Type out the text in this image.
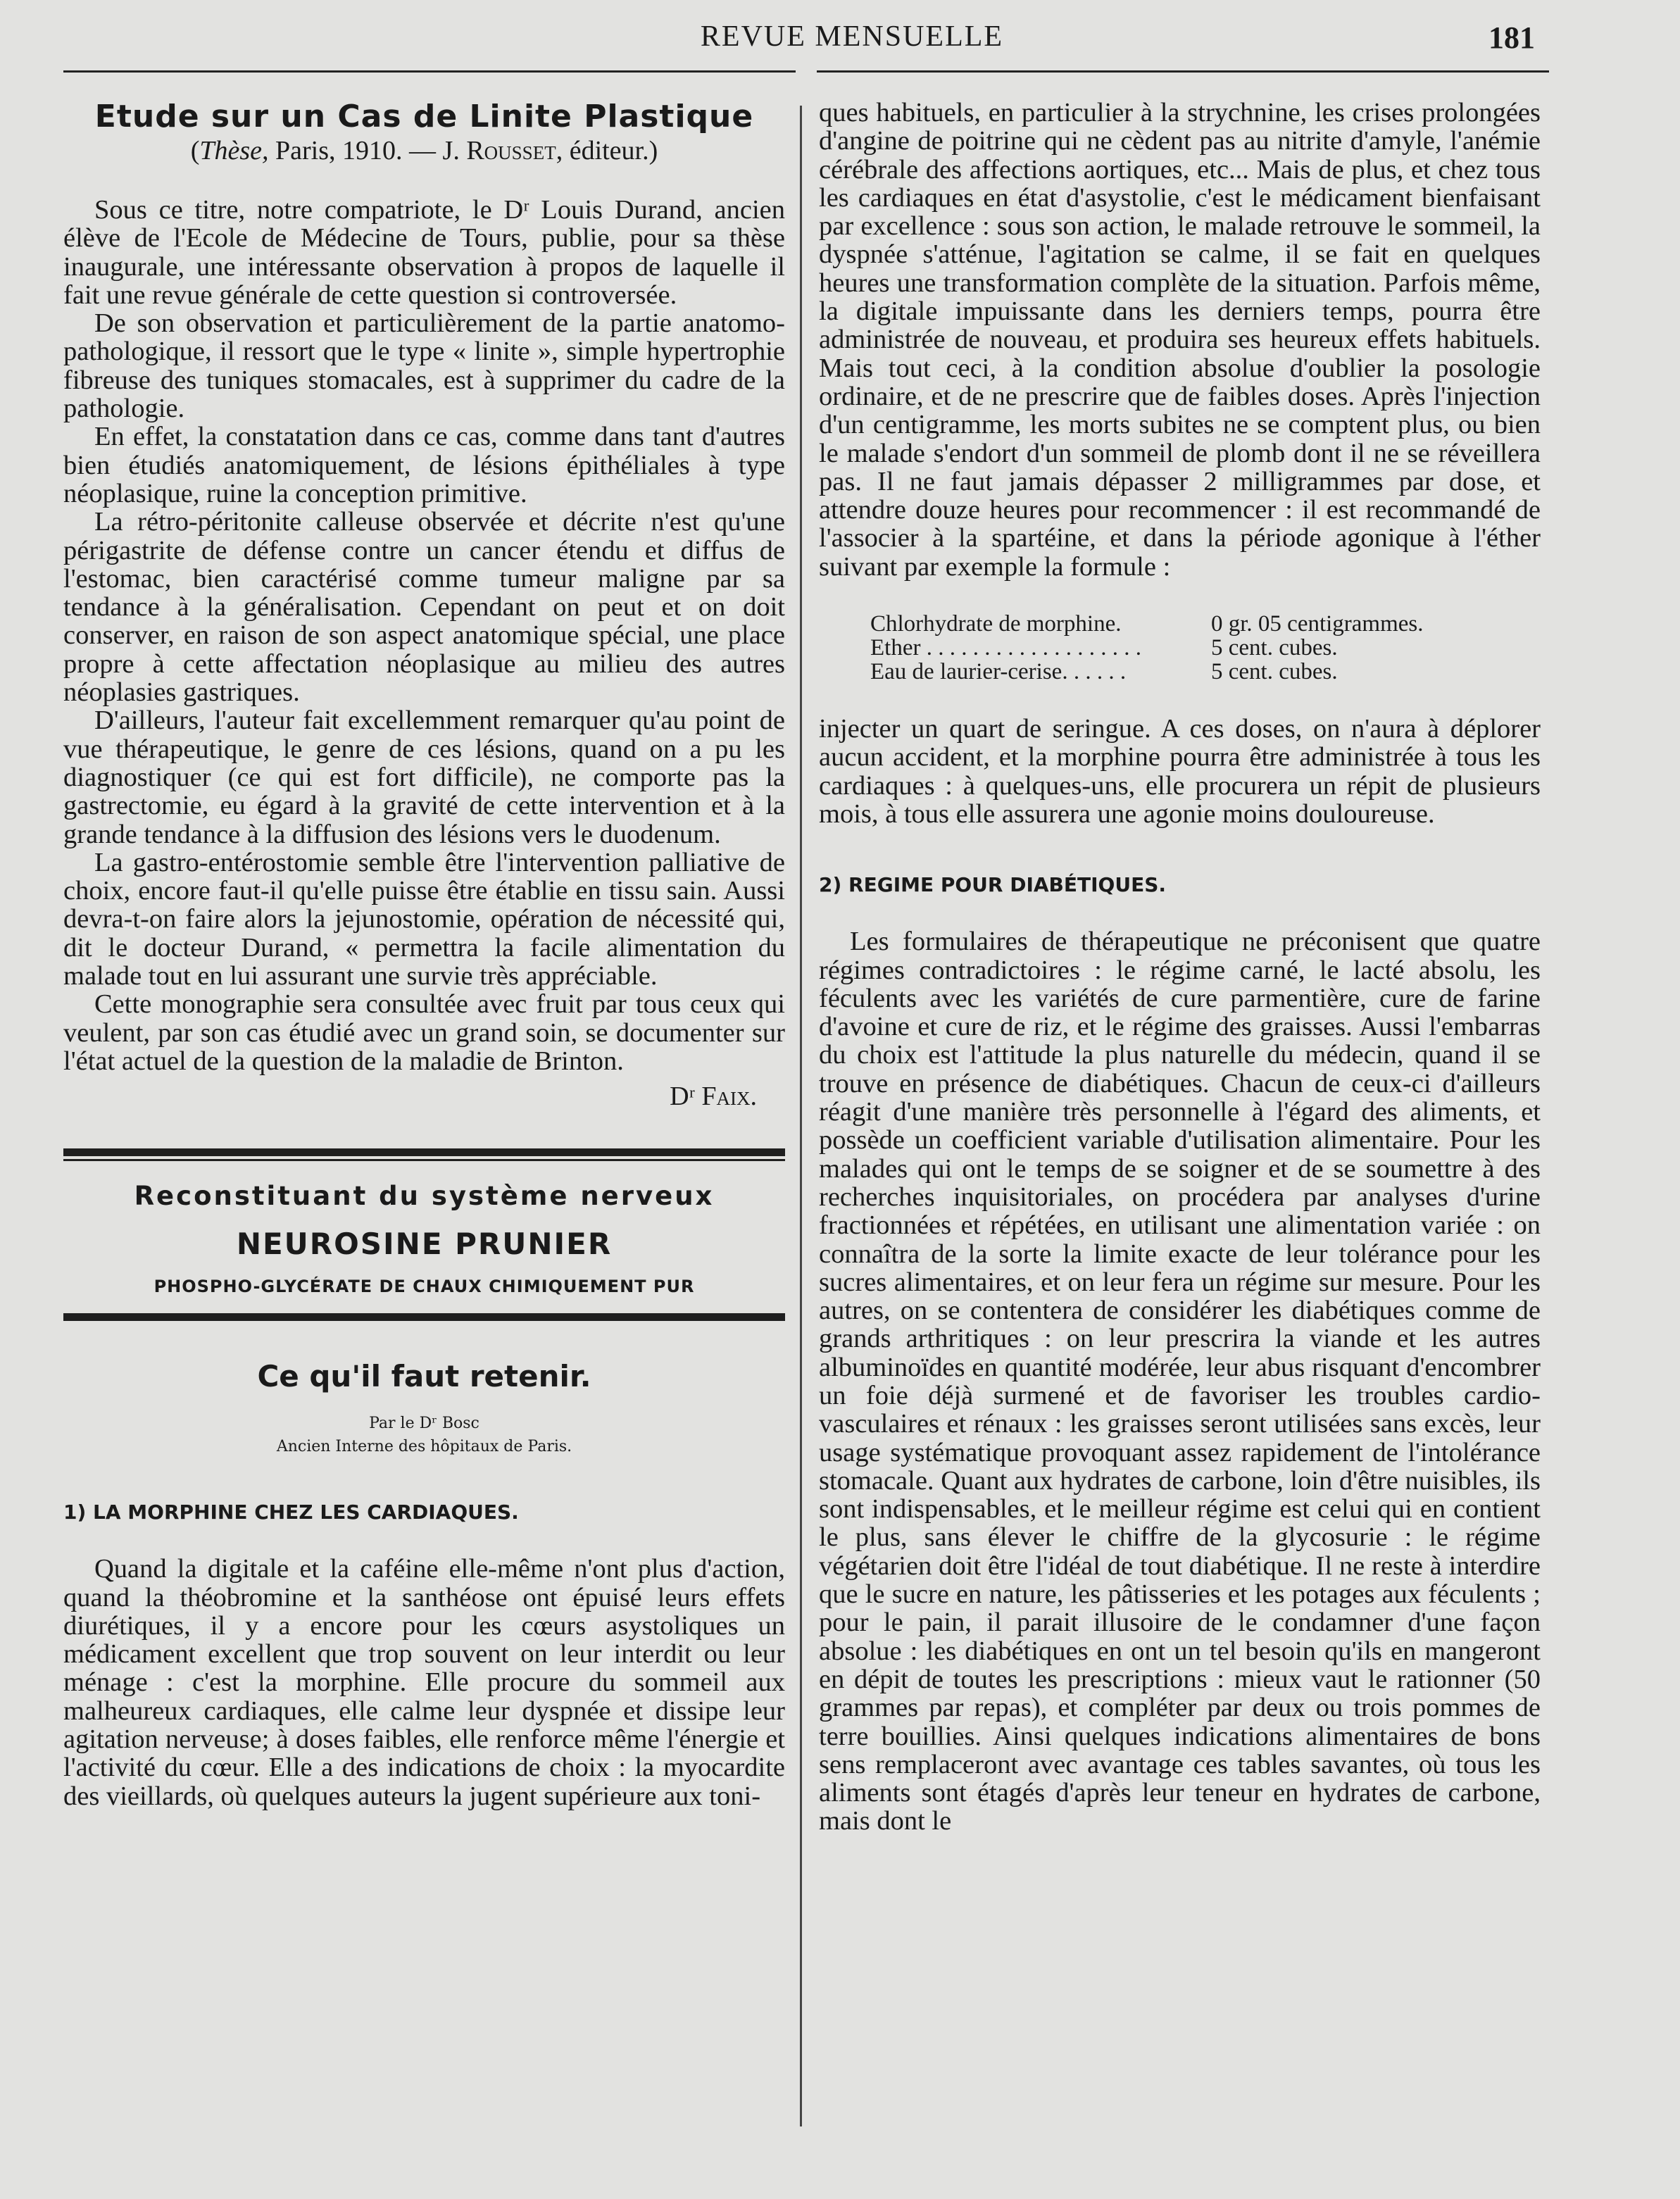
REVUE MENSUELLE	181
Etude sur un Cas de Linite Plastique
(Thèse, Paris, 1910. — J. Rousset, éditeur.)

Sous ce titre, notre compatriote, le Dʳ Louis Durand, ancien élève de l'Ecole de Médecine de Tours, publie, pour sa thèse inaugurale, une intéressante observation à propos de laquelle il fait une revue générale de cette question si controversée.

De son observation et particulièrement de la partie anatomo-pathologique, il ressort que le type « linite », simple hypertrophie fibreuse des tuniques stomacales, est à supprimer du cadre de la pathologie.

En effet, la constatation dans ce cas, comme dans tant d'autres bien étudiés anatomiquement, de lésions épithéliales à type néoplasique, ruine la conception primitive.

La rétro-péritonite calleuse observée et décrite n'est qu'une périgastrite de défense contre un cancer étendu et diffus de l'estomac, bien caractérisé comme tumeur maligne par sa tendance à la généralisation. Cependant on peut et on doit conserver, en raison de son aspect anatomique spécial, une place propre à cette affectation néoplasique au milieu des autres néoplasies gastriques.

D'ailleurs, l'auteur fait excellemment remarquer qu'au point de vue thérapeutique, le genre de ces lésions, quand on a pu les diagnostiquer (ce qui est fort difficile), ne comporte pas la gastrectomie, eu égard à la gravité de cette intervention et à la grande tendance à la diffusion des lésions vers le duodenum.

La gastro-entérostomie semble être l'intervention palliative de choix, encore faut-il qu'elle puisse être établie en tissu sain. Aussi devra-t-on faire alors la jejunostomie, opération de nécessité qui, dit le docteur Durand, « permettra la facile alimentation du malade tout en lui assurant une survie très appréciable.

Cette monographie sera consultée avec fruit par tous ceux qui veulent, par son cas étudié avec un grand soin, se documenter sur l'état actuel de la question de la maladie de Brinton.

Dʳ Faix.
Reconstituant du système nerveux
NEUROSINE PRUNIER
PHOSPHO-GLYCÉRATE DE CHAUX CHIMIQUEMENT PUR
Ce qu'il faut retenir.
Par le Dʳ Bosc
Ancien Interne des hôpitaux de Paris.
1) LA MORPHINE CHEZ LES CARDIAQUES.

Quand la digitale et la caféine elle-même n'ont plus d'action, quand la théobromine et la santhéose ont épuisé leurs effets diurétiques, il y a encore pour les cœurs asystoliques un médicament excellent que trop souvent on leur interdit ou leur ménage : c'est la morphine. Elle procure du sommeil aux malheureux cardiaques, elle calme leur dyspnée et dissipe leur agitation nerveuse; à doses faibles, elle renforce même l'énergie et l'activité du cœur. Elle a des indications de choix : la myocardite des vieillards, où quelques auteurs la jugent supérieure aux toni-

ques habituels, en particulier à la strychnine, les crises prolongées d'angine de poitrine qui ne cèdent pas au nitrite d'amyle, l'anémie cérébrale des affections aortiques, etc... Mais de plus, et chez tous les cardiaques en état d'asystolie, c'est le médicament bienfaisant par excellence : sous son action, le malade retrouve le sommeil, la dyspnée s'atténue, l'agitation se calme, il se fait en quelques heures une transformation complète de la situation. Parfois même, la digitale impuissante dans les derniers temps, pourra être administrée de nouveau, et produira ses heureux effets habituels. Mais tout ceci, à la condition absolue d'oublier la posologie ordinaire, et de ne prescrire que de faibles doses. Après l'injection d'un centigramme, les morts subites ne se comptent plus, ou bien le malade s'endort d'un sommeil de plomb dont il ne se réveillera pas. Il ne faut jamais dépasser 2 milligrammes par dose, et attendre douze heures pour recommencer : il est recommandé de l'associer à la spartéine, et dans la période agonique à l'éther suivant par exemple la formule :

Chlorhydrate de morphine.	0 gr. 05 centigrammes.
Ether . . . . . . . . . . . . . . . . . . .	5 cent. cubes.
Eau de laurier-cerise. . . . . .	5 cent. cubes.

injecter un quart de seringue. A ces doses, on n'aura à déplorer aucun accident, et la morphine pourra être administrée à tous les cardiaques : à quelques-uns, elle procurera un répit de plusieurs mois, à tous elle assurera une agonie moins douloureuse.

2) REGIME POUR DIABÉTIQUES.

Les formulaires de thérapeutique ne préconisent que quatre régimes contradictoires : le régime carné, le lacté absolu, les féculents avec les variétés de cure parmentière, cure de farine d'avoine et cure de riz, et le régime des graisses. Aussi l'embarras du choix est l'attitude la plus naturelle du médecin, quand il se trouve en présence de diabétiques. Chacun de ceux-ci d'ailleurs réagit d'une manière très personnelle à l'égard des aliments, et possède un coefficient variable d'utilisation alimentaire. Pour les malades qui ont le temps de se soigner et de se soumettre à des recherches inquisitoriales, on procédera par analyses d'urine fractionnées et répétées, en utilisant une alimentation variée : on connaîtra de la sorte la limite exacte de leur tolérance pour les sucres alimentaires, et on leur fera un régime sur mesure. Pour les autres, on se contentera de considérer les diabétiques comme de grands arthritiques : on leur prescrira la viande et les autres albuminoïdes en quantité modérée, leur abus risquant d'encombrer un foie déjà surmené et de favoriser les troubles cardio-vasculaires et rénaux : les graisses seront utilisées sans excès, leur usage systématique provoquant assez rapidement de l'intolérance stomacale. Quant aux hydrates de carbone, loin d'être nuisibles, ils sont indispensables, et le meilleur régime est celui qui en contient le plus, sans élever le chiffre de la glycosurie : le régime végétarien doit être l'idéal de tout diabétique. Il ne reste à interdire que le sucre en nature, les pâtisseries et les potages aux féculents ; pour le pain, il parait illusoire de le condamner d'une façon absolue : les diabétiques en ont un tel besoin qu'ils en mangeront en dépit de toutes les prescriptions : mieux vaut le rationner (50 grammes par repas), et compléter par deux ou trois pommes de terre bouillies. Ainsi quelques indications alimentaires de bons sens remplaceront avec avantage ces tables savantes, où tous les aliments sont étagés d'après leur teneur en hydrates de carbone, mais dont le
